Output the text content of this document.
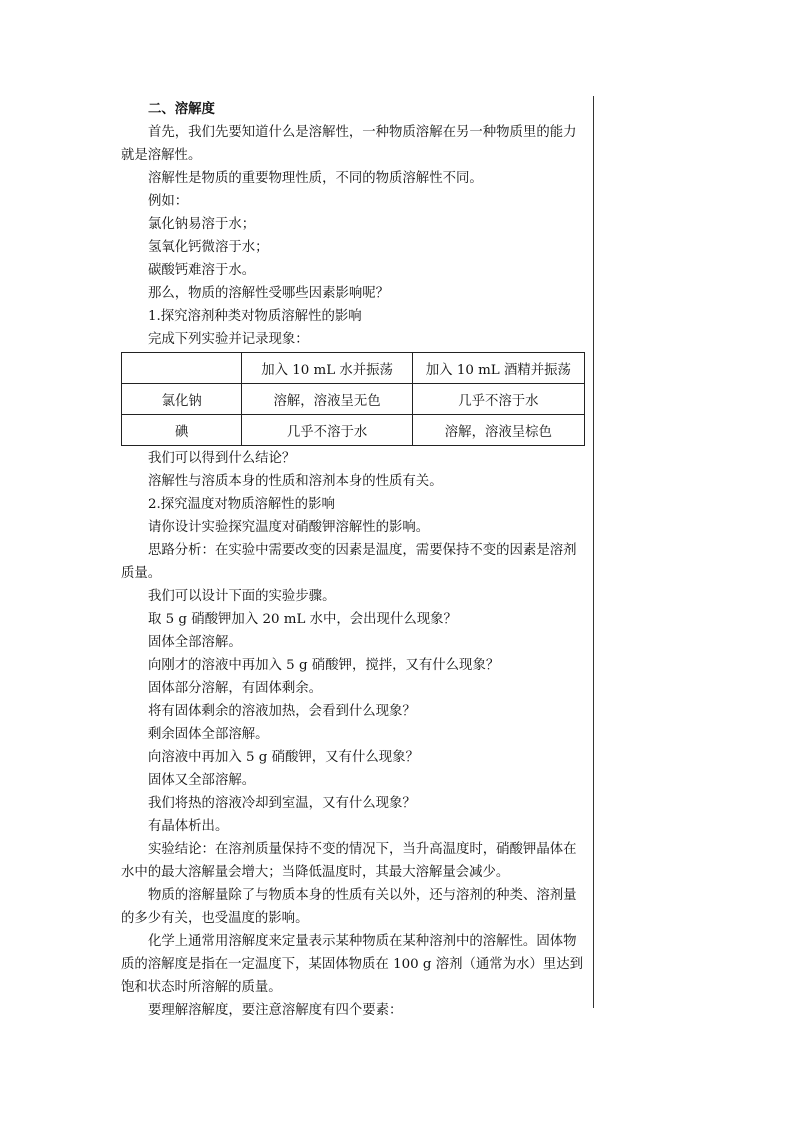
二、溶解度
首先，我们先要知道什么是溶解性，一种物质溶解在另一种物质里的能力就是溶解性。
溶解性是物质的重要物理性质，不同的物质溶解性不同。
例如：
氯化钠易溶于水；
氢氧化钙微溶于水；
碳酸钙难溶于水。
那么，物质的溶解性受哪些因素影响呢？
1.探究溶剂种类对物质溶解性的影响
完成下列实验并记录现象：
	加入 10 mL 水并振荡	加入 10 mL 酒精并振荡
氯化钠	溶解，溶液呈无色	几乎不溶于水
碘	几乎不溶于水	溶解，溶液呈棕色
我们可以得到什么结论？
溶解性与溶质本身的性质和溶剂本身的性质有关。
2.探究温度对物质溶解性的影响
请你设计实验探究温度对硝酸钾溶解性的影响。
思路分析：在实验中需要改变的因素是温度，需要保持不变的因素是溶剂质量。
我们可以设计下面的实验步骤。
取 5 g 硝酸钾加入 20 mL 水中，会出现什么现象？
固体全部溶解。
向刚才的溶液中再加入 5 g 硝酸钾，搅拌，又有什么现象？
固体部分溶解，有固体剩余。
将有固体剩余的溶液加热，会看到什么现象？
剩余固体全部溶解。
向溶液中再加入 5 g 硝酸钾，又有什么现象？
固体又全部溶解。
我们将热的溶液冷却到室温，又有什么现象？
有晶体析出。
实验结论：在溶剂质量保持不变的情况下，当升高温度时，硝酸钾晶体在水中的最大溶解量会增大；当降低温度时，其最大溶解量会减少。
物质的溶解量除了与物质本身的性质有关以外，还与溶剂的种类、溶剂量的多少有关，也受温度的影响。
化学上通常用溶解度来定量表示某种物质在某种溶剂中的溶解性。固体物质的溶解度是指在一定温度下，某固体物质在 100 g 溶剂（通常为水）里达到饱和状态时所溶解的质量。
要理解溶解度，要注意溶解度有四个要素：
